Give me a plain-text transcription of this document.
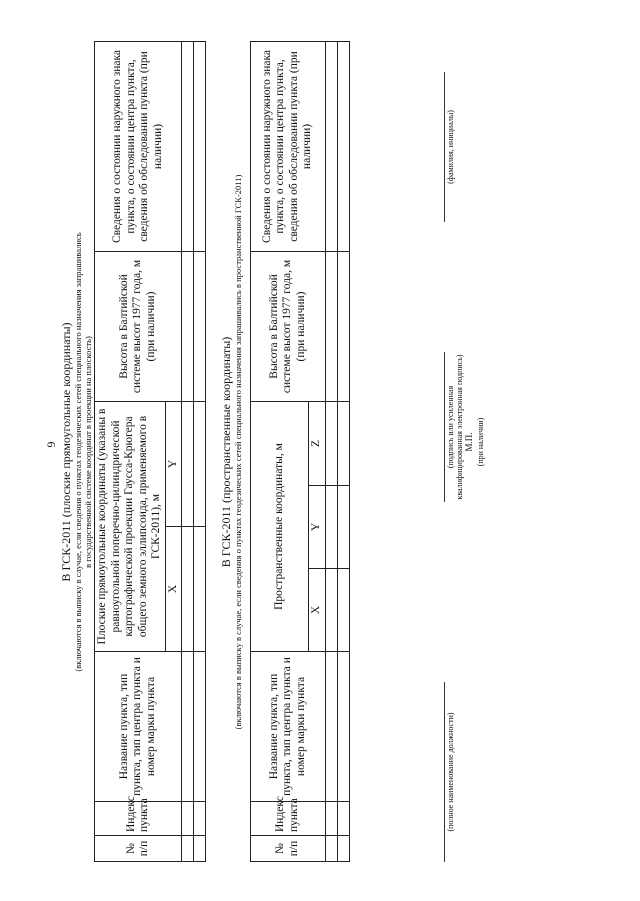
6 В ГСК-2011 (плоские прямоугольные координаты) (включаются в выписку в случае, если сведения о пунктах геодезических сетей специального назначения запрашивались в государственной системе координат в проекции на плоскость)
№ п/п	Индекс пункта	Название пункта, тип пункта, тип центра пункта и номер марки пункта	Плоские прямоугольные координаты (указаны в равноугольной поперечно-цилиндрической картографической проекции Гаусса-Крюгера общего земного эллипсоида, применяемого в ГСК-2011), м		Высота в Балтийской системе высот 1977 года, м (при наличии)	Сведения о состоянии наружного знака пункта, о состоянии центра пункта, сведения об обследовании пункта (при наличии)
			X	Y		

							В ГСК-2011 (пространственные координаты) (включаются в выписку в случае, если сведения о пунктах геодезических сетей специального назначения запрашивались в пространственной ГСК-2011)
№ п/п	Индекс пункта	Название пункта, тип пункта, тип центра пункта и номер марки пункта	Пространственные координаты, м			Высота в Балтийской системе высот 1977 года, м (при наличии)	Сведения о состоянии наружного знака пункта, о состоянии центра пункта, сведения об обследовании пункта (при наличии)
			X	Y	Z		

(полное наименование должности)
(подпись или усиленная квалифицированная электронная подпись)
(фамилия, инициалы)
М.П. (при наличии)
